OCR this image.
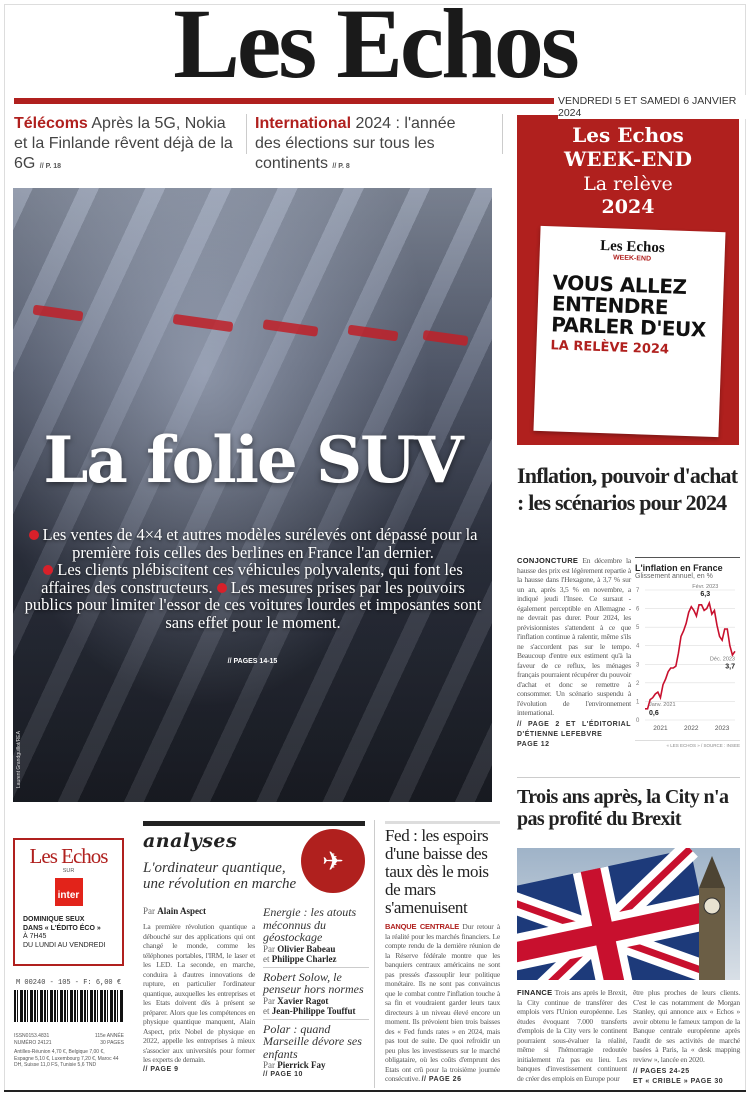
Les Echos
VENDREDI 5 ET SAMEDI 6 JANVIER 2024
Télécoms Après la 5G, Nokia et la Finlande rêvent déjà de la 6G // P. 18
International 2024 : l'année des élections sur tous les continents // P. 8
Les Echos
WEEK-END
La relève
2024
Les Echos
WEEK-END
VOUS ALLEZ ENTENDRE PARLER D'EUX
LA RELÈVE 2024
La folie SUV
Les ventes de 4×4 et autres modèles surélevés ont dépassé pour la première fois celles des berlines en France l'an dernier.
Les clients plébiscitent ces véhicules polyvalents, qui font les affaires des constructeurs. Les mesures prises par les pouvoirs publics pour limiter l'essor de ces voitures lourdes et imposantes sont sans effet pour le moment.
// PAGES 14-15
Laurent Grandguillot/REA
Inflation, pouvoir d'achat : les scénarios pour 2024
CONJONCTURE En décembre la hausse des prix est légèrement repartie à la hausse dans l'Hexagone, à 3,7 % sur un an, après 3,5 % en novembre, a indiqué jeudi l'Insee. Ce sursaut - également perceptible en Allemagne - ne devrait pas durer. Pour 2024, les prévisionnistes s'attendent à ce que l'inflation continue à ralentir, même s'ils ne s'accordent pas sur le tempo. Beaucoup d'entre eux estiment qu'à la faveur de ce reflux, les ménages français pourraient récupérer du pouvoir d'achat et donc se remettre à consommer. Un scénario suspendu à l'évolution de l'environnement international.
// PAGE 2 ET L'ÉDITORIAL D'ÉTIENNE LEFEBVRE
PAGE 12
L'inflation en France
Glissement annuel, en %
0
1
2
3
4
5
6
7
2021	2022	2023
Janv. 2021
0,6
Févr. 2023
6,3
Déc. 2023
3,7
« LES ECHOS » / SOURCE : INSEE
Trois ans après, la City n'a pas profité du Brexit
FINANCE Trois ans après le Brexit, la City continue de transférer des emplois vers l'Union européenne. Les études évoquant 7.000 transferts d'emplois de la City vers le continent pourraient sous-évaluer la réalité, même si l'hémorragie redoutée initialement n'a pas eu lieu. Les banques d'investissement continuent de créer des emplois en Europe pour
être plus proches de leurs clients. C'est le cas notamment de Morgan Stanley, qui annonce aux « Echos » avoir obtenu le fameux tampon de la Banque centrale européenne après l'audit de ses activités de marché basées à Paris, la « desk mapping review », lancée en 2020.
// PAGES 24-25
ET « CRIBLE » PAGE 30
Les Echos
SUR
inter
DOMINIQUE SEUX
DANS « L'ÉDITO ÉCO »
À 7H45
DU LUNDI AU VENDREDI
M 00240 - 105 - F: 6,00 €
ISSN0153.4831
NUMÉRO 24121
115e ANNÉE
30 PAGES
Antilles-Réunion 4,70 €, Belgique 7,00 €, Espagne 5,10 €, Luxembourg 7,20 €, Maroc 44 DH, Suisse 11,0 FS, Tunisie 5,6 TND
analyses
L'ordinateur quantique, une révolution en marche
✈
Par Alain Aspect
La première révolution quantique a débouché sur des applications qui ont changé le monde, comme les téléphones portables, l'IRM, le laser et les LED. La seconde, en marche, conduira à d'autres innovations de rupture, en particulier l'ordinateur quantique, auxquelles les entreprises et les Etats doivent dès à présent se préparer. Alors que les compétences en physique quantique manquent, Alain Aspect, prix Nobel de physique en 2022, appelle les entreprises à mieux s'associer aux universités pour former les experts de demain.
// PAGE 9
Energie : les atouts méconnus du géostockage
Par Olivier Babeau
et Philippe Charlez
Robert Solow, le penseur hors normes
Par Xavier Ragot
et Jean-Philippe Touffut
Polar : quand Marseille dévore ses enfants
Par Pierrick Fay
// PAGE 10
Fed : les espoirs d'une baisse des taux dès le mois de mars s'amenuisent
BANQUE CENTRALE Dur retour à la réalité pour les marchés financiers. Le compte rendu de la dernière réunion de la Réserve fédérale montre que les banquiers centraux américains ne sont pas pressés d'assouplir leur politique monétaire. Ils ne sont pas convaincus que le combat contre l'inflation touche à sa fin et voudraient garder leurs taux directeurs à un niveau élevé encore un moment. Ils prévoient bien trois baisses des « Fed funds rates » en 2024, mais pas tout de suite. De quoi refroidir un peu plus les investisseurs sur le marché obligataire, où les coûts d'emprunt des Etats ont crû pour la troisième journée consécutive. // PAGE 26
